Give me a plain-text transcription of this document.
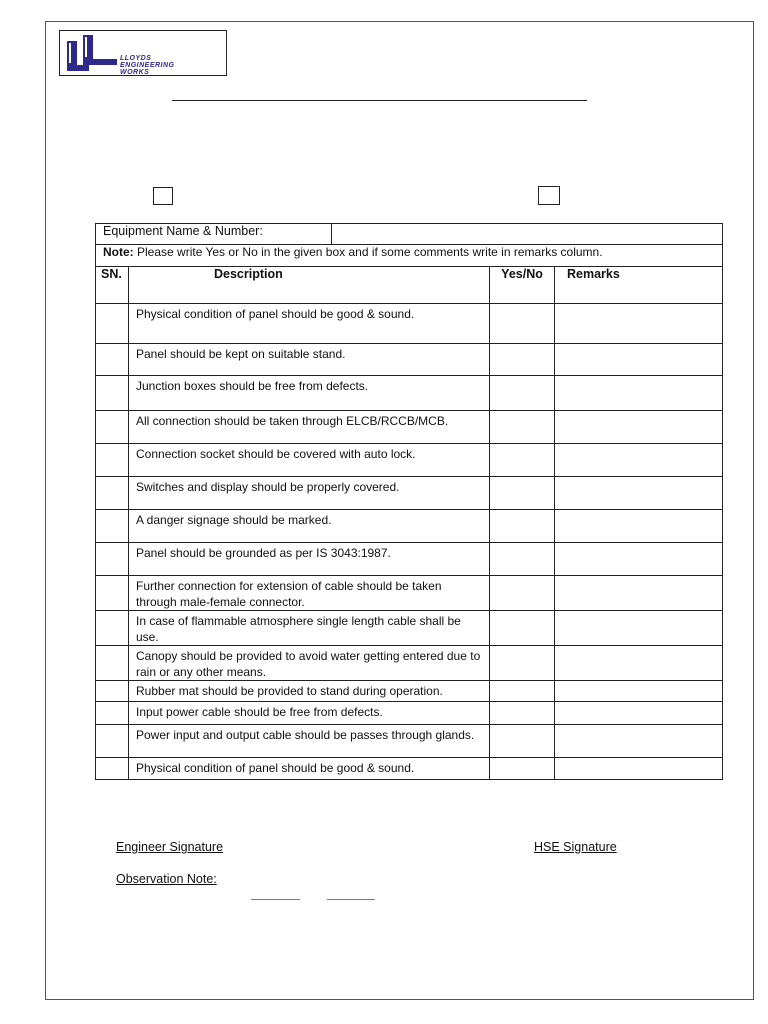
LLOYDS
ENGINEERING
WORKS
Equipment Name & Number:				
Note: Please write Yes or No in the given box and if some comments write in remarks column.				
SN.	Description		Yes/No	Remarks
	Physical condition of panel should be good & sound.			
	Panel should be kept on suitable stand.			
	Junction boxes should be free from defects.			
	All connection should be taken through ELCB/RCCB/MCB.			
	Connection socket should be covered with auto lock.			
	Switches and display should be properly covered.			
	A danger signage should be marked.			
	Panel should be grounded as per IS 3043:1987.			
	Further connection for extension of cable should be taken through male-female connector.			
	In case of flammable atmosphere single length cable shall be use.			
	Canopy should be provided to avoid water getting entered due to rain or any other means.			
	Rubber mat should be provided to stand during operation.			
	Input power cable should be free from defects.			
	Power input and output cable should be passes through glands.			
	Physical condition of panel should be good & sound.			
Engineer Signature	HSE Signature
Observation Note:
